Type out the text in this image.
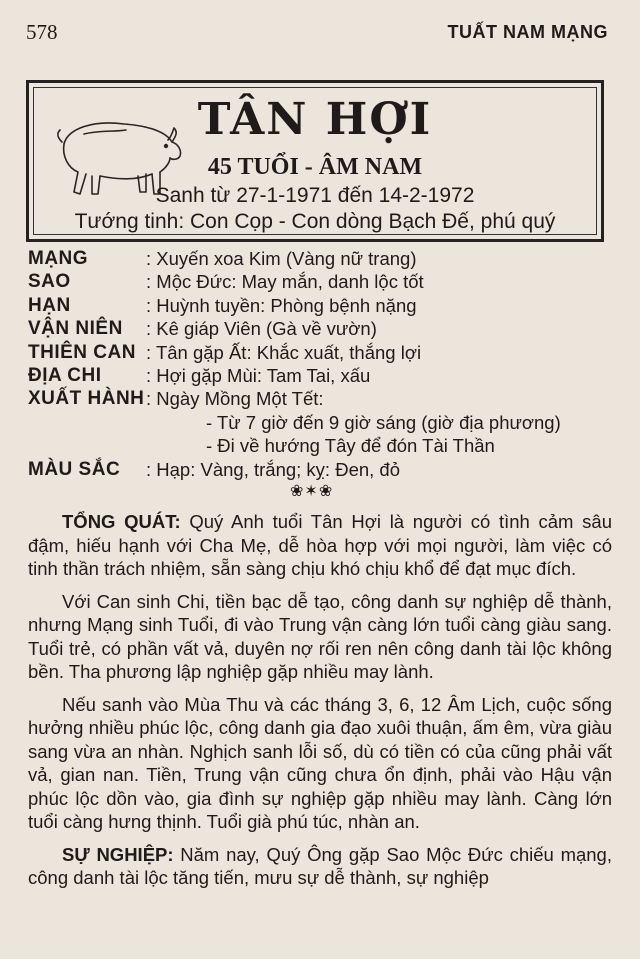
578	TUẤT NAM MẠNG
TÂN HỢI
45 TUỔI - ÂM NAM
Sanh từ 27-1-1971 đến 14-2-1972
Tướng tinh: Con Cọp - Con dòng Bạch Đế, phú quý
MẠNG	: Xuyến xoa Kim (Vàng nữ trang)
SAO	: Mộc Đức: May mắn, danh lộc tốt
HẠN	: Huỳnh tuyền: Phòng bệnh nặng
VẬN NIÊN	: Kê giáp Viên (Gà về vườn)
THIÊN CAN : Tân gặp Ất: Khắc xuất, thắng lợi
ĐỊA CHI	: Hợi gặp Mùi: Tam Tai, xấu
XUẤT HÀNH : Ngày Mồng Một Tết:
- Từ 7 giờ đến 9 giờ sáng (giờ địa phương)
- Đi về hướng Tây để đón Tài Thần
MÀU SẮC	: Hạp: Vàng, trắng; kỵ: Đen, đỏ
❀✶❀

TỔNG QUÁT: Quý Anh tuổi Tân Hợi là người có tình cảm sâu đậm, hiếu hạnh với Cha Mẹ, dễ hòa hợp với mọi người, làm việc có tinh thần trách nhiệm, sẵn sàng chịu khó chịu khổ để đạt mục đích.

Với Can sinh Chi, tiền bạc dễ tạo, công danh sự nghiệp dễ thành, nhưng Mạng sinh Tuổi, đi vào Trung vận càng lớn tuổi càng giàu sang. Tuổi trẻ, có phần vất vả, duyên nợ rối ren nên công danh tài lộc không bền. Tha phương lập nghiệp gặp nhiều may lành.

Nếu sanh vào Mùa Thu và các tháng 3, 6, 12 Âm Lịch, cuộc sống hưởng nhiều phúc lộc, công danh gia đạo xuôi thuận, ấm êm, vừa giàu sang vừa an nhàn. Nghịch sanh lỗi số, dù có tiền có của cũng phải vất vả, gian nan. Tiền, Trung vận cũng chưa ổn định, phải vào Hậu vận phúc lộc dồn vào, gia đình sự nghiệp gặp nhiều may lành. Càng lớn tuổi càng hưng thịnh. Tuổi già phú túc, nhàn an.

SỰ NGHIỆP: Năm nay, Quý Ông gặp Sao Mộc Đức chiếu mạng, công danh tài lộc tăng tiến, mưu sự dễ thành, sự nghiệp
